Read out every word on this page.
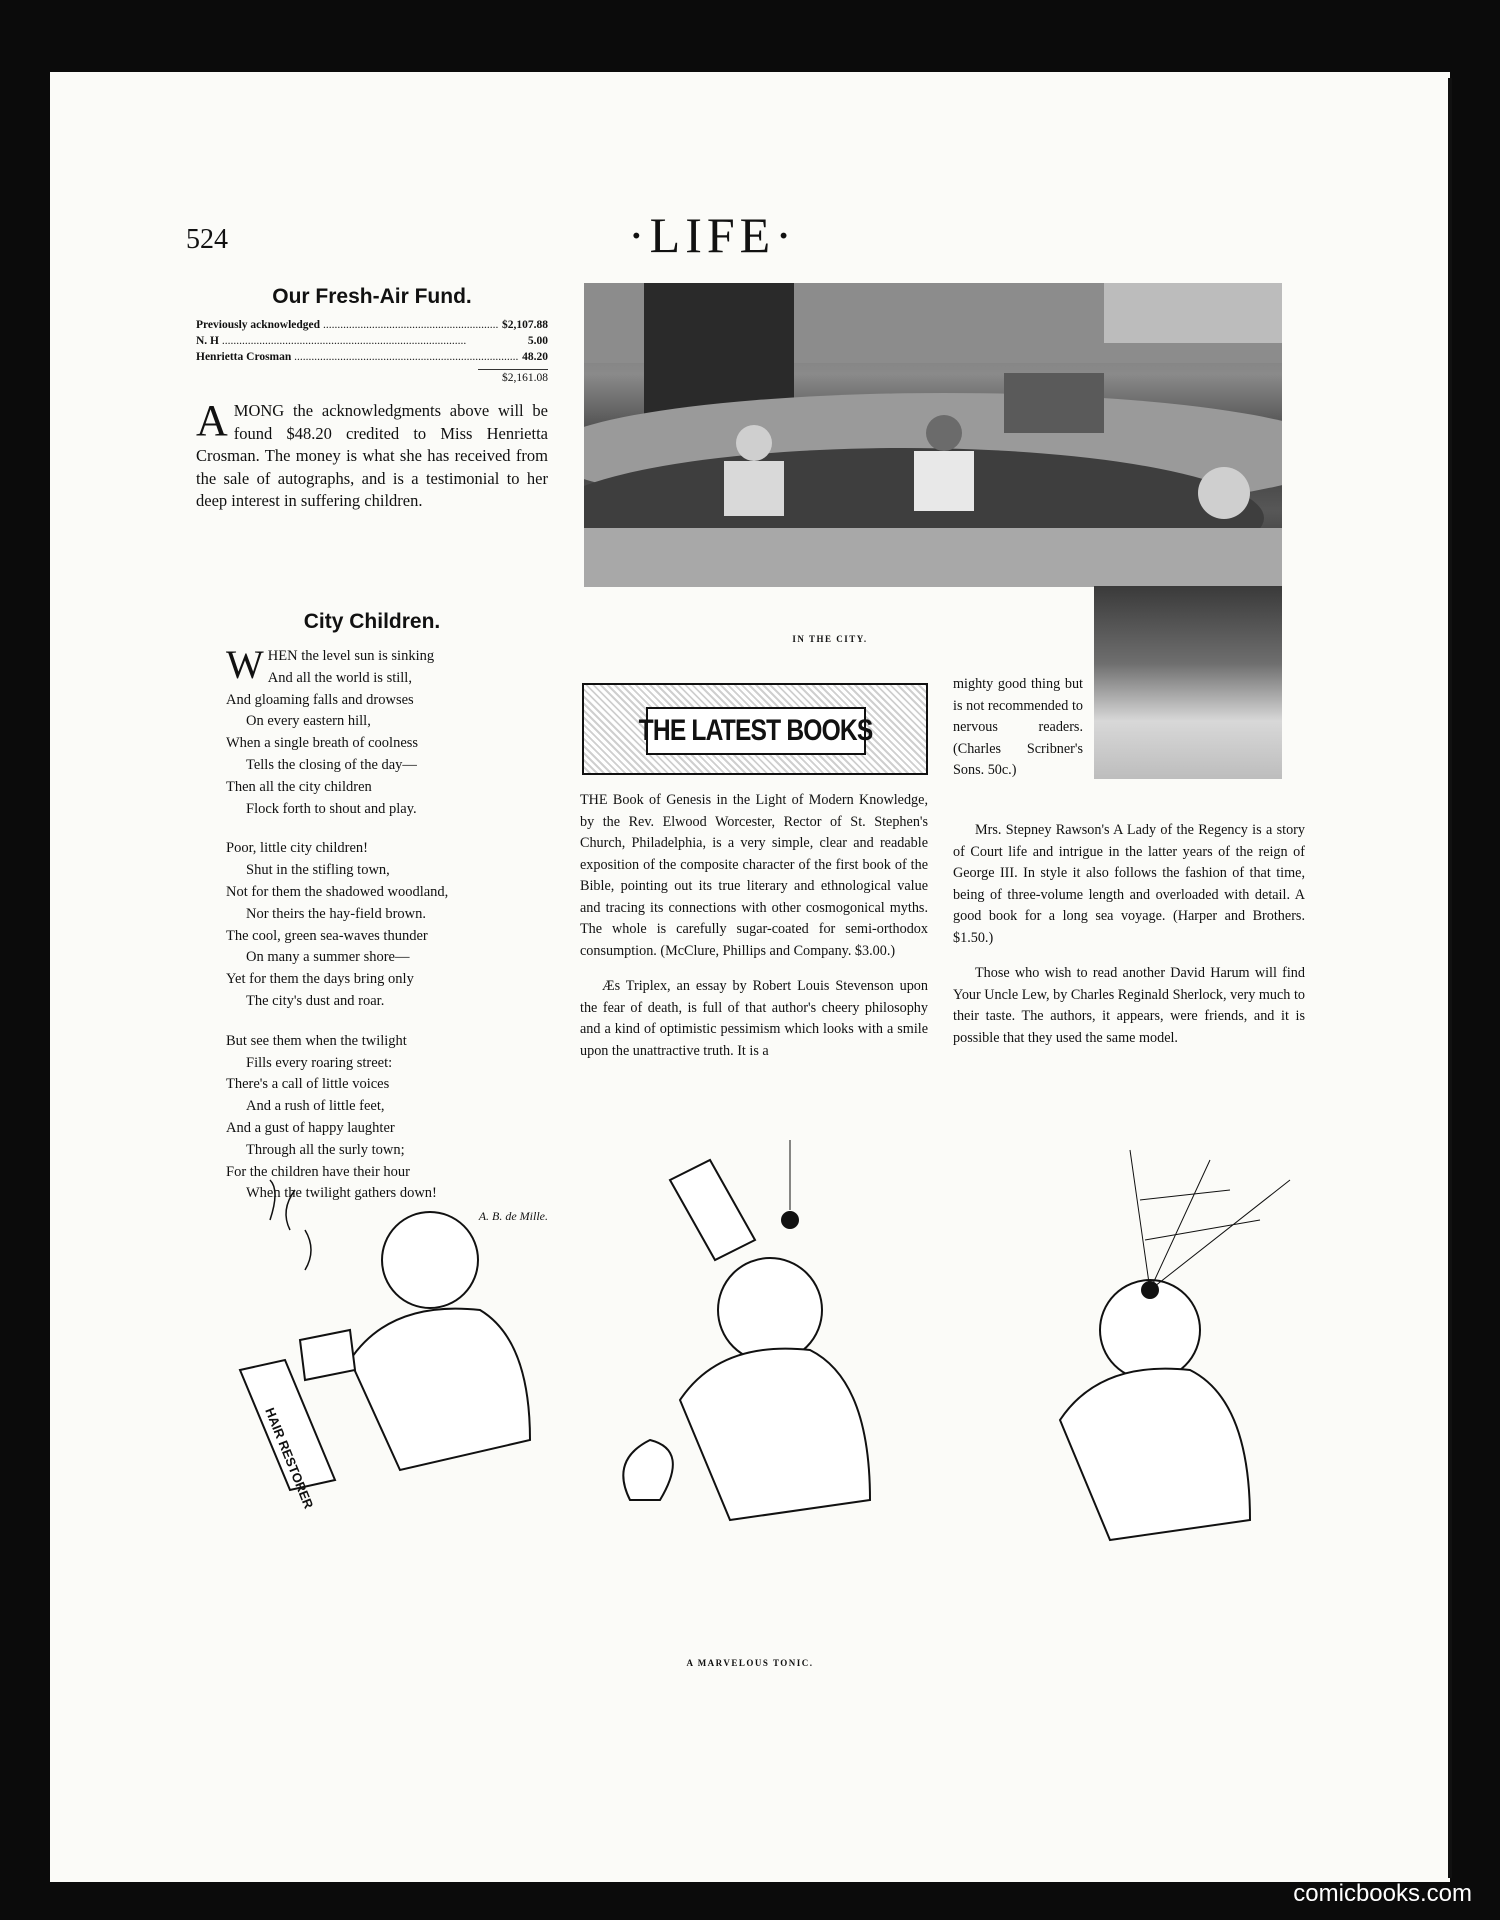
524	·LIFE·
Our Fresh-Air Fund.
Previously acknowledged .....	$2,107.88
N. H .....	5.00
Henrietta Crosman .....	48.20
$2,161.08
AMONG the acknowledgments above will be found $48.20 credited to Miss Henrietta Crosman. The money is what she has received from the sale of autographs, and is a testimonial to her deep interest in suffering children.
City Children.
WHEN the level sun is sinking
And all the world is still,
And gloaming falls and drowses
On every eastern hill,
When a single breath of coolness
Tells the closing of the day—
Then all the city children
Flock forth to shout and play.
Poor, little city children!
Shut in the stifling town,
Not for them the shadowed woodland,
Nor theirs the hay-field brown.
The cool, green sea-waves thunder
On many a summer shore—
Yet for them the days bring only
The city's dust and roar.
But see them when the twilight
Fills every roaring street:
There's a call of little voices
And a rush of little feet,
And a gust of happy laughter
Through all the surly town;
For the children have their hour
When the twilight gathers down!
A. B. de Mille.
IN THE CITY.
THE LATEST BOOKS

THE Book of Genesis in the Light of Modern Knowledge, by the Rev. Elwood Worcester, Rector of St. Stephen's Church, Philadelphia, is a very simple, clear and readable exposition of the composite character of the first book of the Bible, pointing out its true literary and ethnological value and tracing its connections with other cosmogonical myths. The whole is carefully sugar-coated for semi-orthodox consumption. (McClure, Phillips and Company. $3.00.)

Æs Triplex, an essay by Robert Louis Stevenson upon the fear of death, is full of that author's cheery philosophy and a kind of optimistic pessimism which looks with a smile upon the unattractive truth. It is a

mighty good thing but is not recommended to nervous readers. (Charles Scribner's Sons. 50c.)

Mrs. Stepney Rawson's A Lady of the Regency is a story of Court life and intrigue in the latter years of the reign of George III. In style it also follows the fashion of that time, being of three-volume length and overloaded with detail. A good book for a long sea voyage. (Harper and Brothers. $1.50.)

Those who wish to read another David Harum will find Your Uncle Lew, by Charles Reginald Sherlock, very much to their taste. The authors, it appears, were friends, and it is possible that they used the same model.

HAIR RESTORER
A MARVELOUS TONIC.
comicbooks.com
